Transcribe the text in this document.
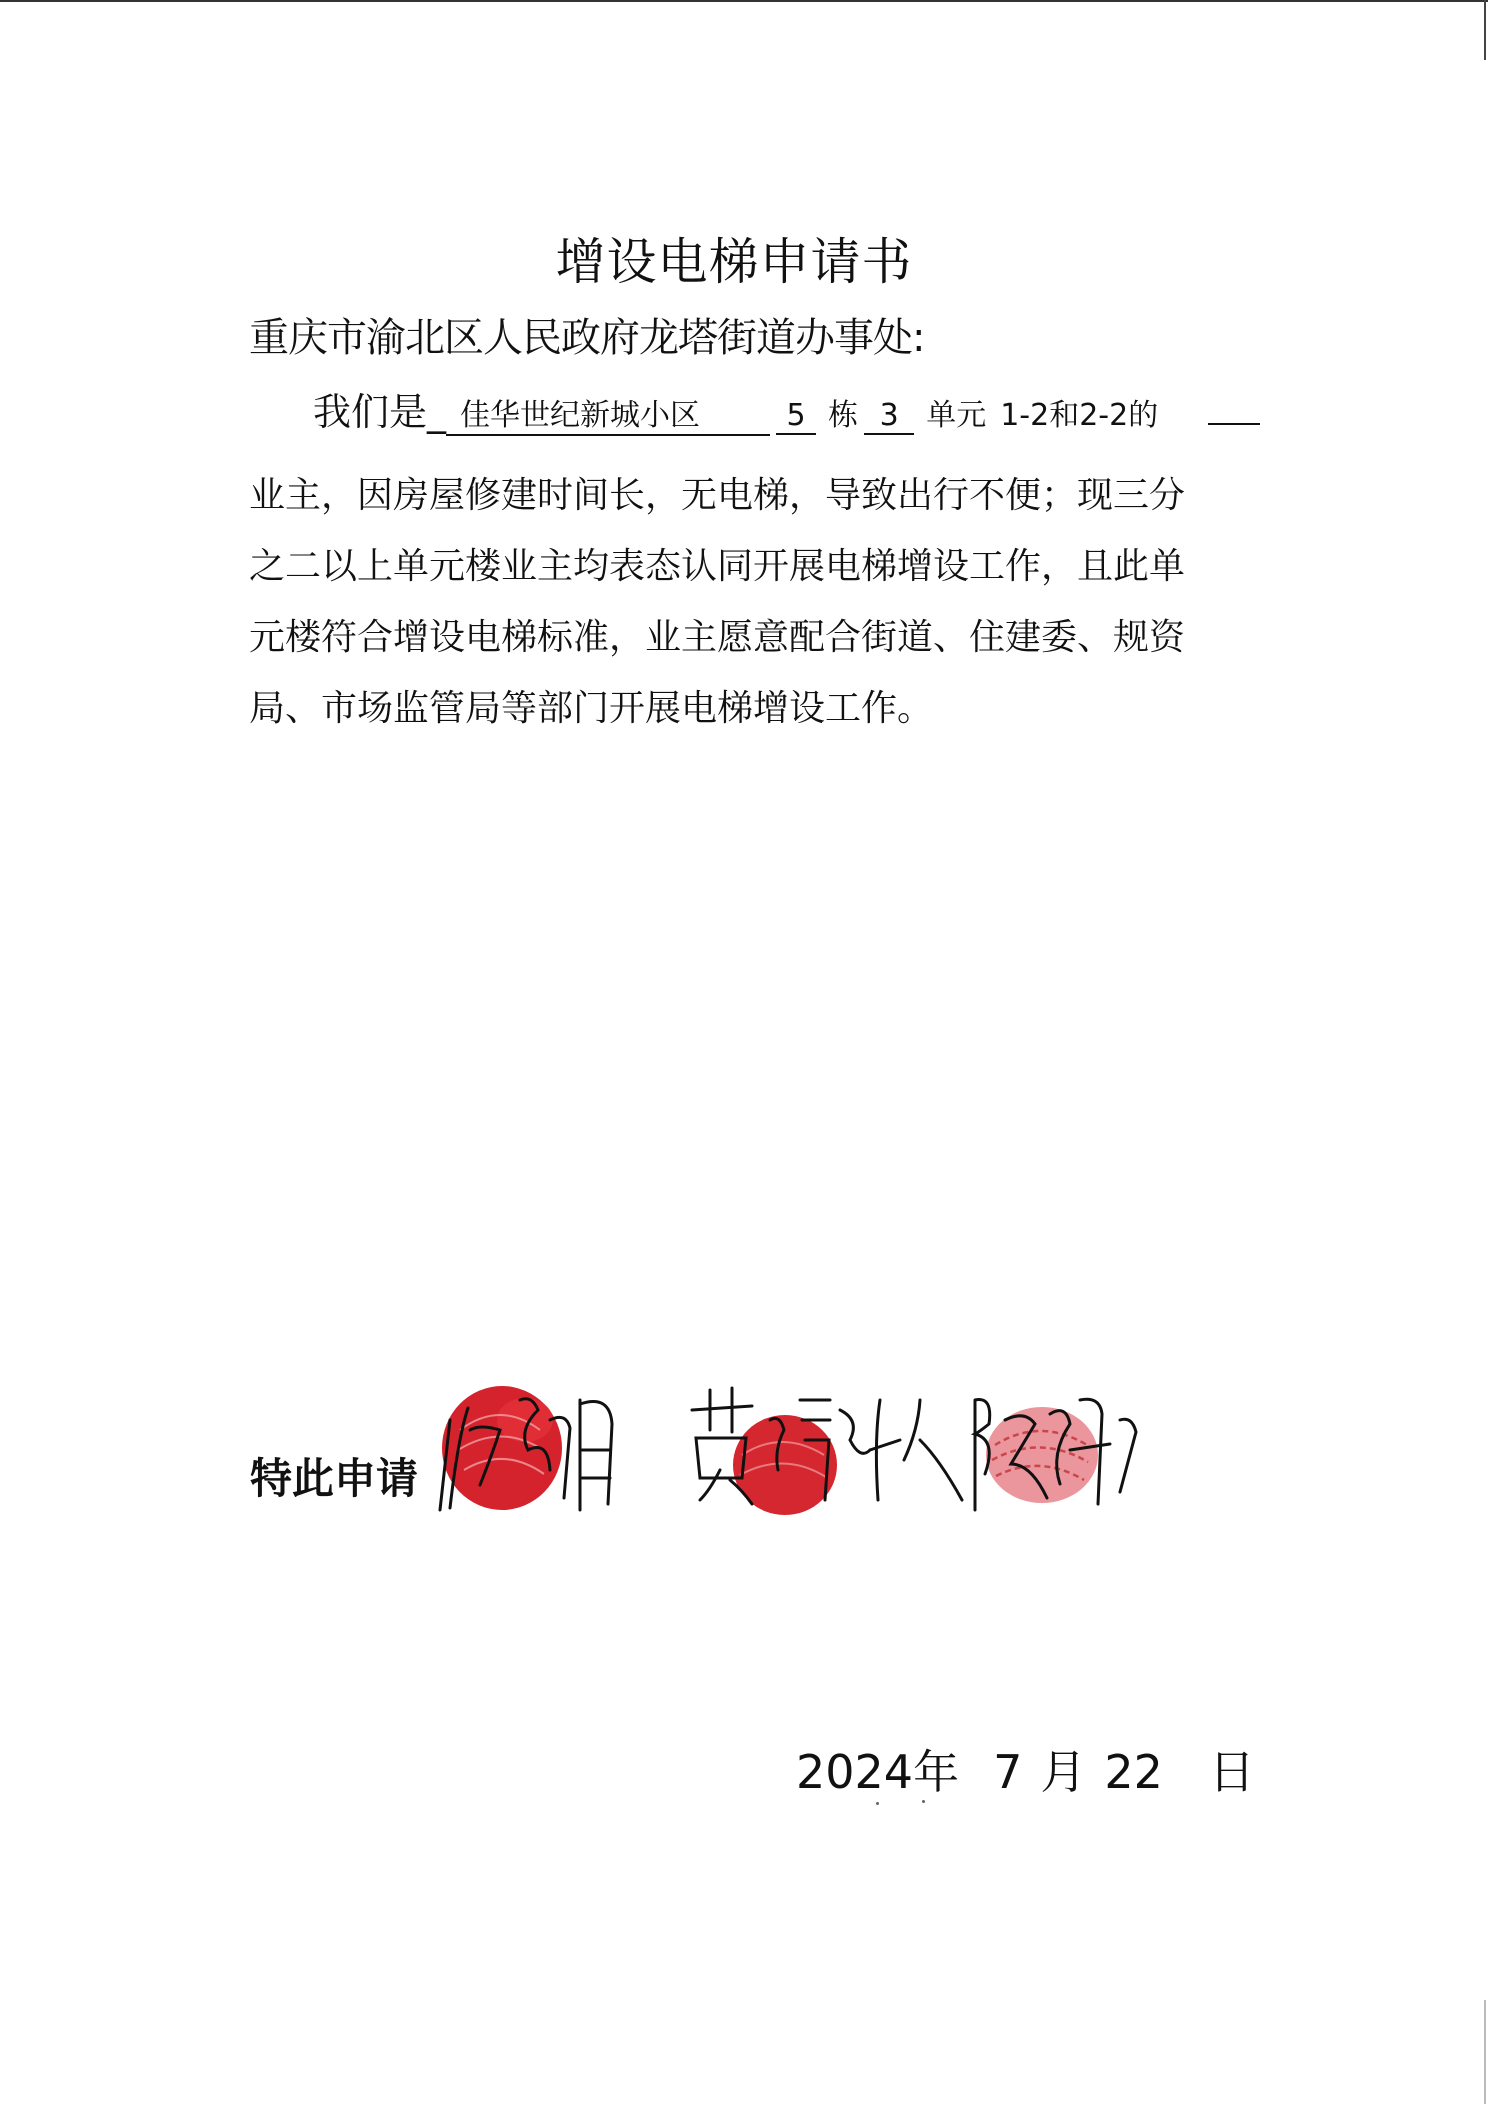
增设电梯申请书
重庆市渝北区人民政府龙塔街道办事处:
我们是_ 佳华世纪新城小区	5 栋 3 单元 1-2和2-2的
业主，因房屋修建时间长，无电梯，导致出行不便；现三分
之二以上单元楼业主均表态认同开展电梯增设工作，且此单
元楼符合增设电梯标准，业主愿意配合街道、住建委、规资
局、市场监管局等部门开展电梯增设工作。
特此申请
2024年 7 月 22 日
